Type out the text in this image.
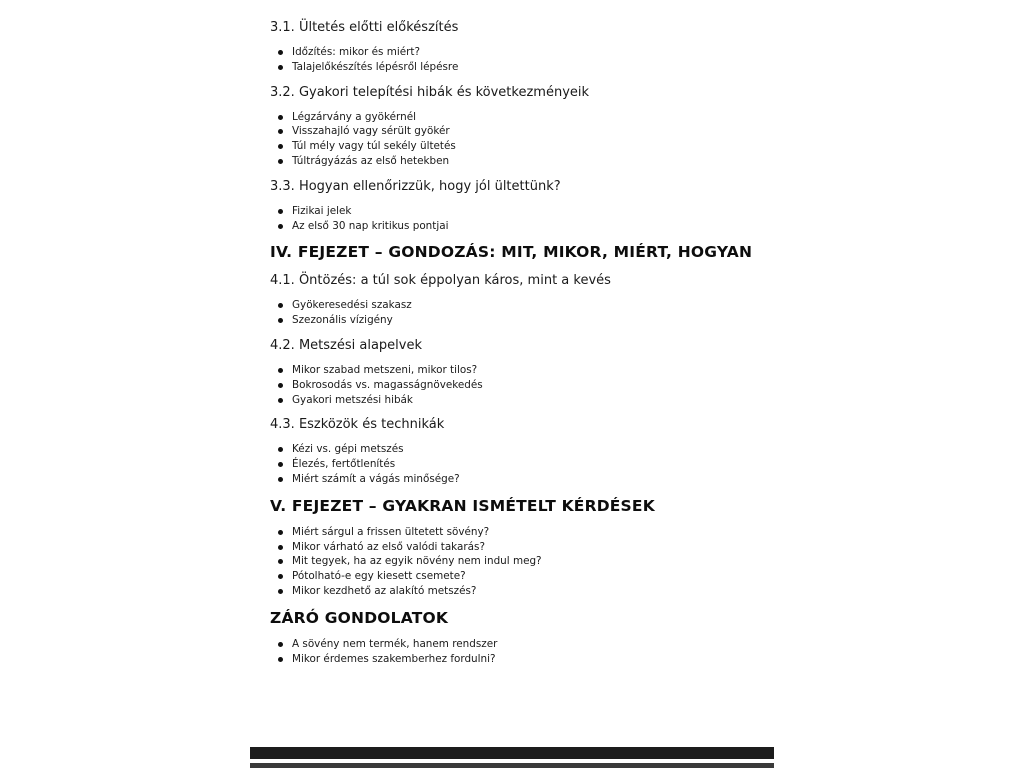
3.1. Ültetés előtti előkészítés
Időzítés: mikor és miért?
Talajelőkészítés lépésről lépésre
3.2. Gyakori telepítési hibák és következményeik
Légzárvány a gyökérnél
Visszahajló vagy sérült gyökér
Túl mély vagy túl sekély ültetés
Túltrágyázás az első hetekben
3.3. Hogyan ellenőrizzük, hogy jól ültettünk?
Fizikai jelek
Az első 30 nap kritikus pontjai
IV. FEJEZET – GONDOZÁS: MIT, MIKOR, MIÉRT, HOGYAN
4.1. Öntözés: a túl sok éppolyan káros, mint a kevés
Gyökeresedési szakasz
Szezonális vízigény
4.2. Metszési alapelvek
Mikor szabad metszeni, mikor tilos?
Bokrosodás vs. magasságnövekedés
Gyakori metszési hibák
4.3. Eszközök és technikák
Kézi vs. gépi metszés
Élezés, fertőtlenítés
Miért számít a vágás minősége?
V. FEJEZET – GYAKRAN ISMÉTELT KÉRDÉSEK
Miért sárgul a frissen ültetett sövény?
Mikor várható az első valódi takarás?
Mit tegyek, ha az egyik növény nem indul meg?
Pótolható-e egy kiesett csemete?
Mikor kezdhető az alakító metszés?
ZÁRÓ GONDOLATOK
A sövény nem termék, hanem rendszer
Mikor érdemes szakemberhez fordulni?
